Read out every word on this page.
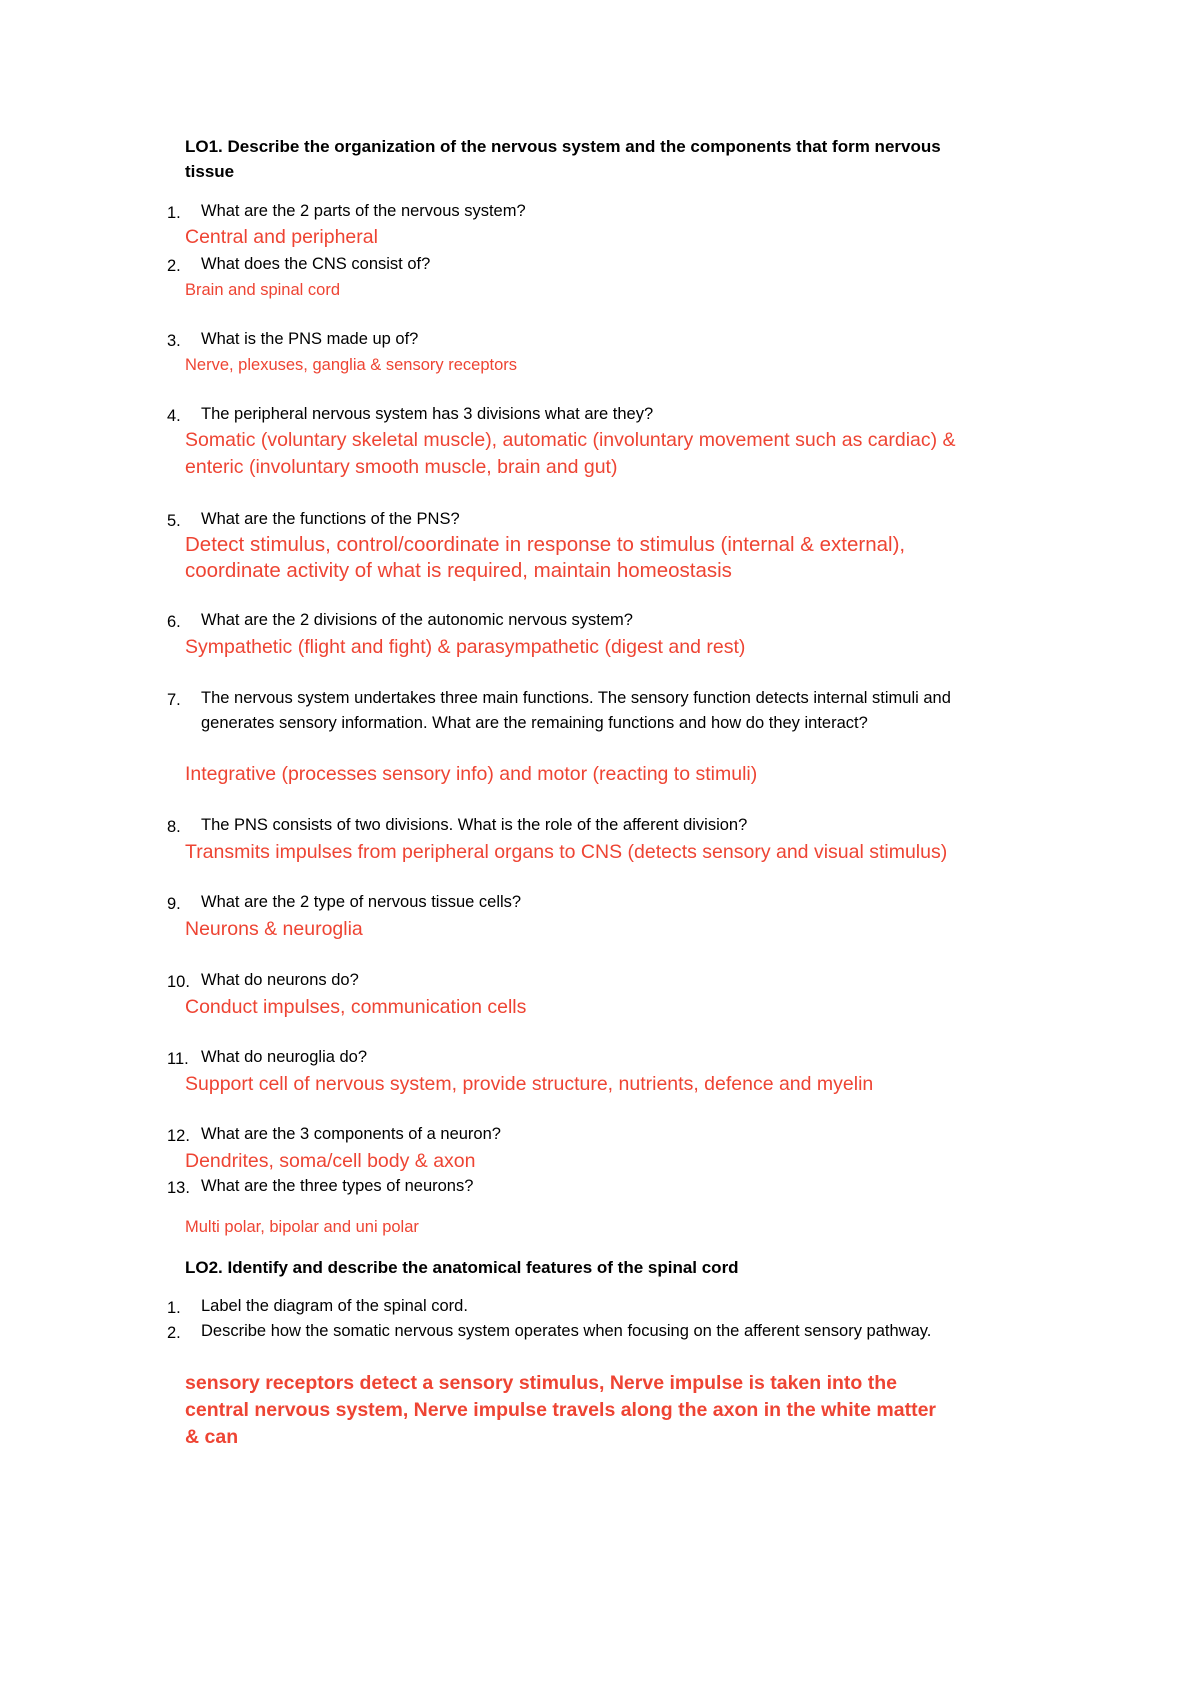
LO1. Describe the organization of the nervous system and the components that form nervous tissue
1. What are the 2 parts of the nervous system?
Central and peripheral
2. What does the CNS consist of?
Brain and spinal cord
3. What is the PNS made up of?
Nerve, plexuses, ganglia & sensory receptors
4. The peripheral nervous system has 3 divisions what are they?
Somatic (voluntary skeletal muscle), automatic (involuntary movement such as cardiac) & enteric (involuntary smooth muscle, brain and gut)
5. What are the functions of the PNS?
Detect stimulus, control/coordinate in response to stimulus (internal & external), coordinate activity of what is required, maintain homeostasis
6. What are the 2 divisions of the autonomic nervous system?
Sympathetic (flight and fight) & parasympathetic (digest and rest)
7. The nervous system undertakes three main functions. The sensory function detects internal stimuli and generates sensory information. What are the remaining functions and how do they interact?
Integrative (processes sensory info) and motor (reacting to stimuli)
8. The PNS consists of two divisions. What is the role of the afferent division?
Transmits impulses from peripheral organs to CNS (detects sensory and visual stimulus)
9. What are the 2 type of nervous tissue cells?
Neurons & neuroglia
10. What do neurons do?
Conduct impulses, communication cells
11. What do neuroglia do?
Support cell of nervous system, provide structure, nutrients, defence and myelin
12. What are the 3 components of a neuron?
Dendrites, soma/cell body & axon
13. What are the three types of neurons?
Multi polar, bipolar and uni polar
LO2. Identify and describe the anatomical features of the spinal cord
1. Label the diagram of the spinal cord.
2. Describe how the somatic nervous system operates when focusing on the afferent sensory pathway.
sensory receptors detect a sensory stimulus, Nerve impulse is taken into the central nervous system, Nerve impulse travels along the axon in the white matter & can
